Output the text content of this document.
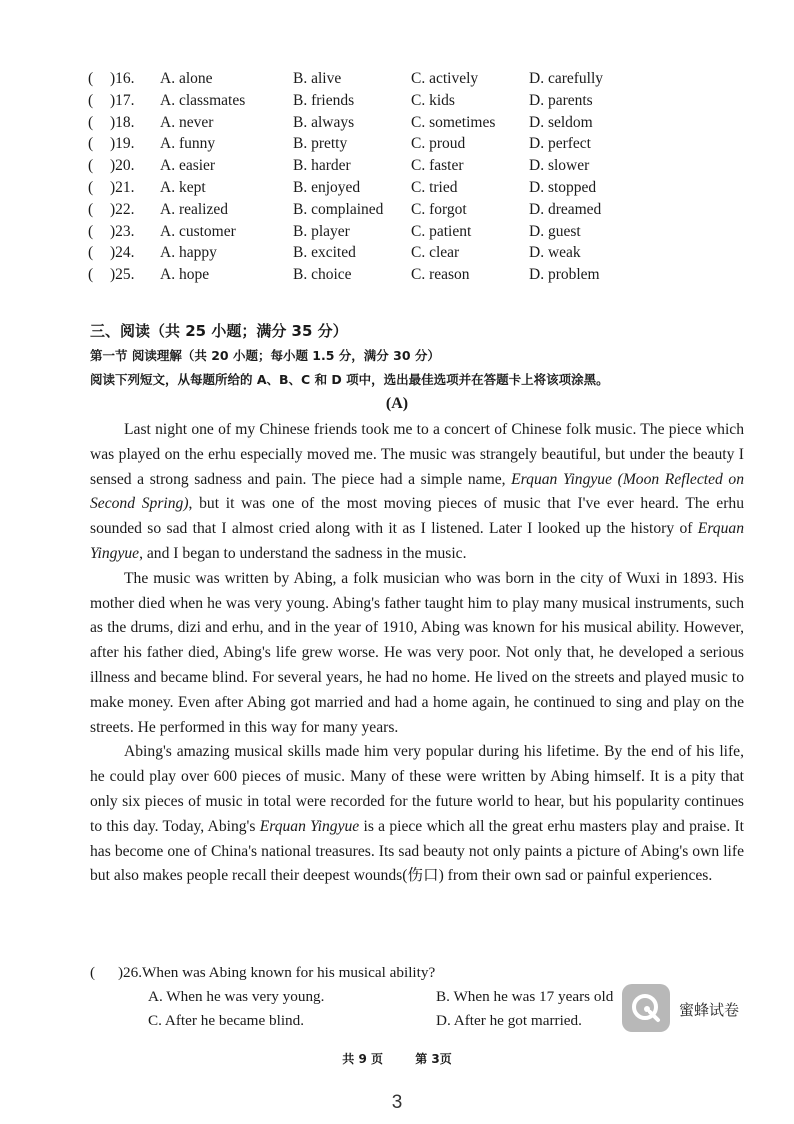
( )16. A. alone	B. alive	C. actively	D. carefully
( )17. A. classmates	B. friends	C. kids	D. parents
( )18. A. never	B. always	C. sometimes D. seldom
( )19. A. funny	B. pretty	C. proud	D. perfect
( )20. A. easier	B. harder	C. faster	D. slower
( )21. A. kept	B. enjoyed	C. tried	D. stopped
( )22. A. realized	B. complained C. forgot	D. dreamed
( )23. A. customer	B. player	C. patient	D. guest
( )24. A. happy	B. excited	C. clear	D. weak
( )25. A. hope	B. choice	C. reason	D. problem
三、阅读（共 25 小题；满分 35 分）
第一节 阅读理解（共 20 小题；每小题 1.5 分，满分 30 分）
阅读下列短文，从每题所给的 A、B、C 和 D 项中，选出最佳选项并在答题卡上将该项涂黑。
(A)

Last night one of my Chinese friends took me to a concert of Chinese folk music. The piece which was played on the erhu especially moved me. The music was strangely beautiful, but under the beauty I sensed a strong sadness and pain. The piece had a simple name, Erquan Yingyue (Moon Reflected on Second Spring), but it was one of the most moving pieces of music that I've ever heard. The erhu sounded so sad that I almost cried along with it as I listened. Later I looked up the history of Erquan Yingyue, and I began to understand the sadness in the music.

The music was written by Abing, a folk musician who was born in the city of Wuxi in 1893. His mother died when he was very young. Abing's father taught him to play many musical instruments, such as the drums, dizi and erhu, and in the year of 1910, Abing was known for his musical ability. However, after his father died, Abing's life grew worse. He was very poor. Not only that, he developed a serious illness and became blind. For several years, he had no home. He lived on the streets and played music to make money. Even after Abing got married and had a home again, he continued to sing and play on the streets. He performed in this way for many years.

Abing's amazing musical skills made him very popular during his lifetime. By the end of his life, he could play over 600 pieces of music. Many of these were written by Abing himself. It is a pity that only six pieces of music in total were recorded for the future world to hear, but his popularity continues to this day. Today, Abing's Erquan Yingyue is a piece which all the great erhu masters play and praise. It has become one of China's national treasures. Its sad beauty not only paints a picture of Abing's own life but also makes people recall their deepest wounds(伤口) from their own sad or painful experiences.

( )26.When was Abing known for his musical ability?
A. When he was very young.	B. When he was 17 years old
C. After he became blind.	D. After he got married.
蜜蜂试卷
共 9 页	第 3页
3
